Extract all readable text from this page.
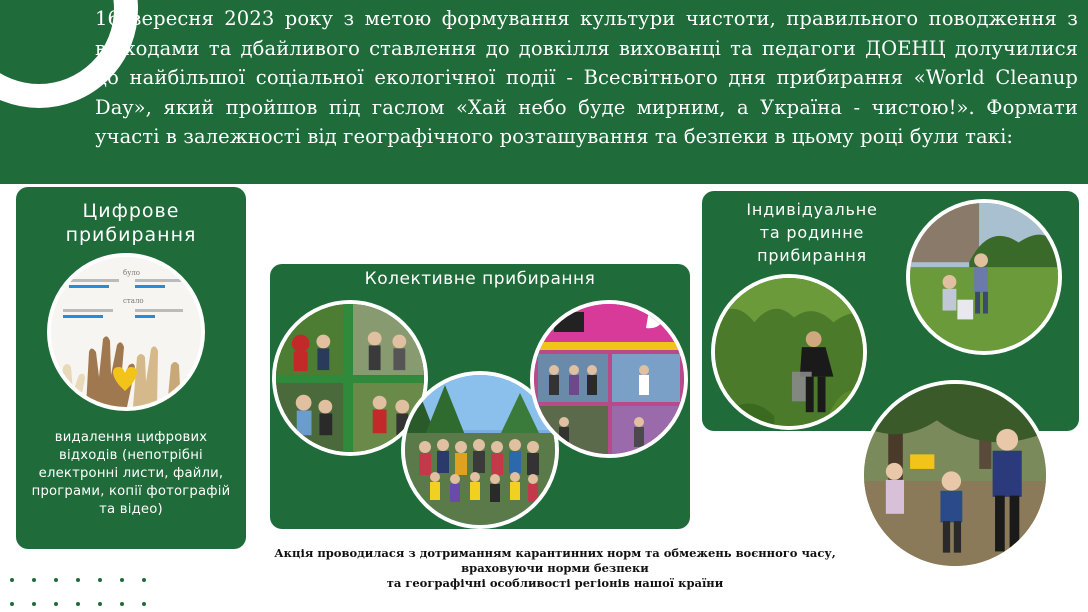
16 вересня 2023 року з метою формування культури чистоти, правильного поводження з відходами та дбайливого ставлення до довкілля вихованці та педагоги ДОЕНЦ долучилися до найбільшої соціальної екологічної події - Всесвітнього дня прибирання «World Cleanup Day», який пройшов під гаслом «Хай небо буде мирним, а Україна - чистою!». Формати участі в залежності від географічного розташування та безпеки в цьому році були такі:

Цифрове
прибирання

видалення цифрових відходів (непотрібні електронні листи, файли, програми, копії фотографій та відео)

було
стало
Колективне прибирання
Індивідуальне
та родинне
прибирання
Акція проводилася з дотриманням карантинних норм та обмежень воєнного часу,
враховуючи норми безпеки
та географічні особливості регіонів нашої країни
